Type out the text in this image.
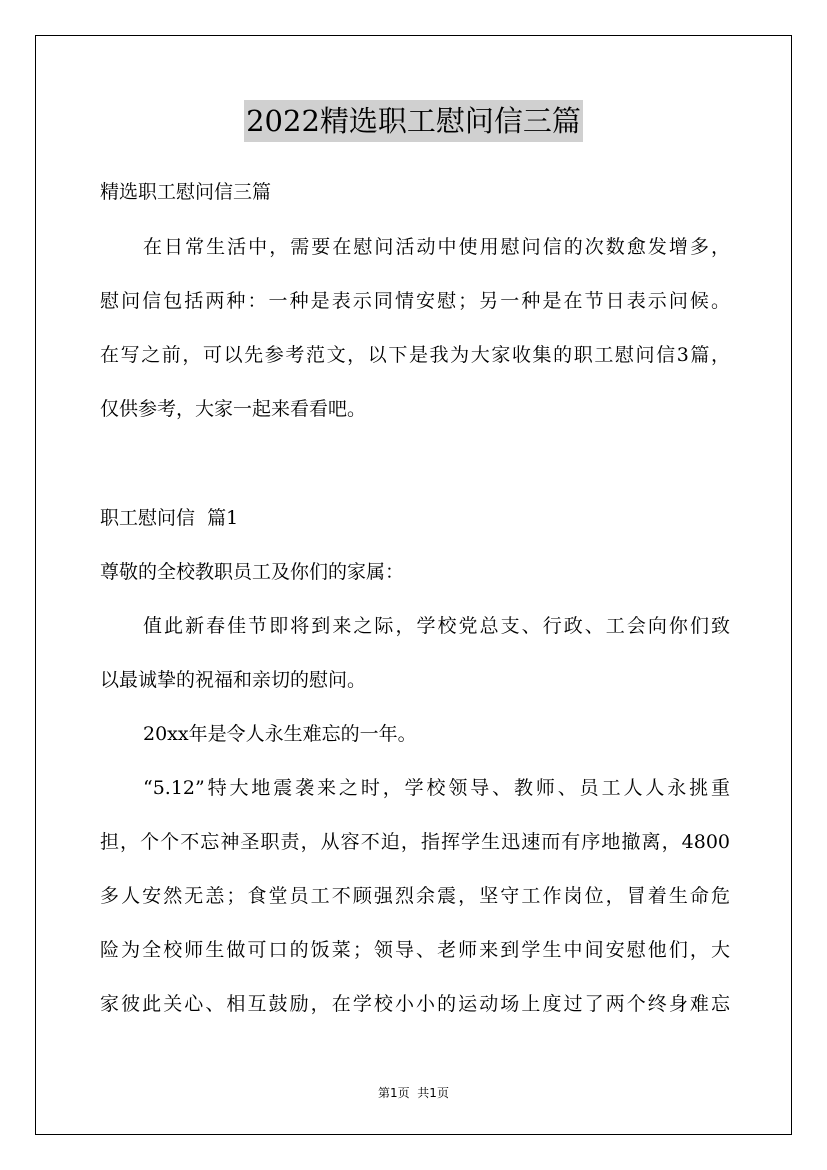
2022精选职工慰问信三篇
精选职工慰问信三篇
在日常生活中，需要在慰问活动中使用慰问信的次数愈发增多，
慰问信包括两种：一种是表示同情安慰；另一种是在节日表示问候。
在写之前，可以先参考范文，以下是我为大家收集的职工慰问信3篇，
仅供参考，大家一起来看看吧。
职工慰问信  篇1
尊敬的全校教职员工及你们的家属：
值此新春佳节即将到来之际，学校党总支、行政、工会向你们致
以最诚挚的祝福和亲切的慰问。
20xx年是令人永生难忘的一年。
“5.12”特大地震袭来之时，学校领导、教师、员工人人永挑重
担，个个不忘神圣职责，从容不迫，指挥学生迅速而有序地撤离，4800
多人安然无恙；食堂员工不顾强烈余震，坚守工作岗位，冒着生命危
险为全校师生做可口的饭菜；领导、老师来到学生中间安慰他们，大
家彼此关心、相互鼓励，在学校小小的运动场上度过了两个终身难忘
第1页  共1页
